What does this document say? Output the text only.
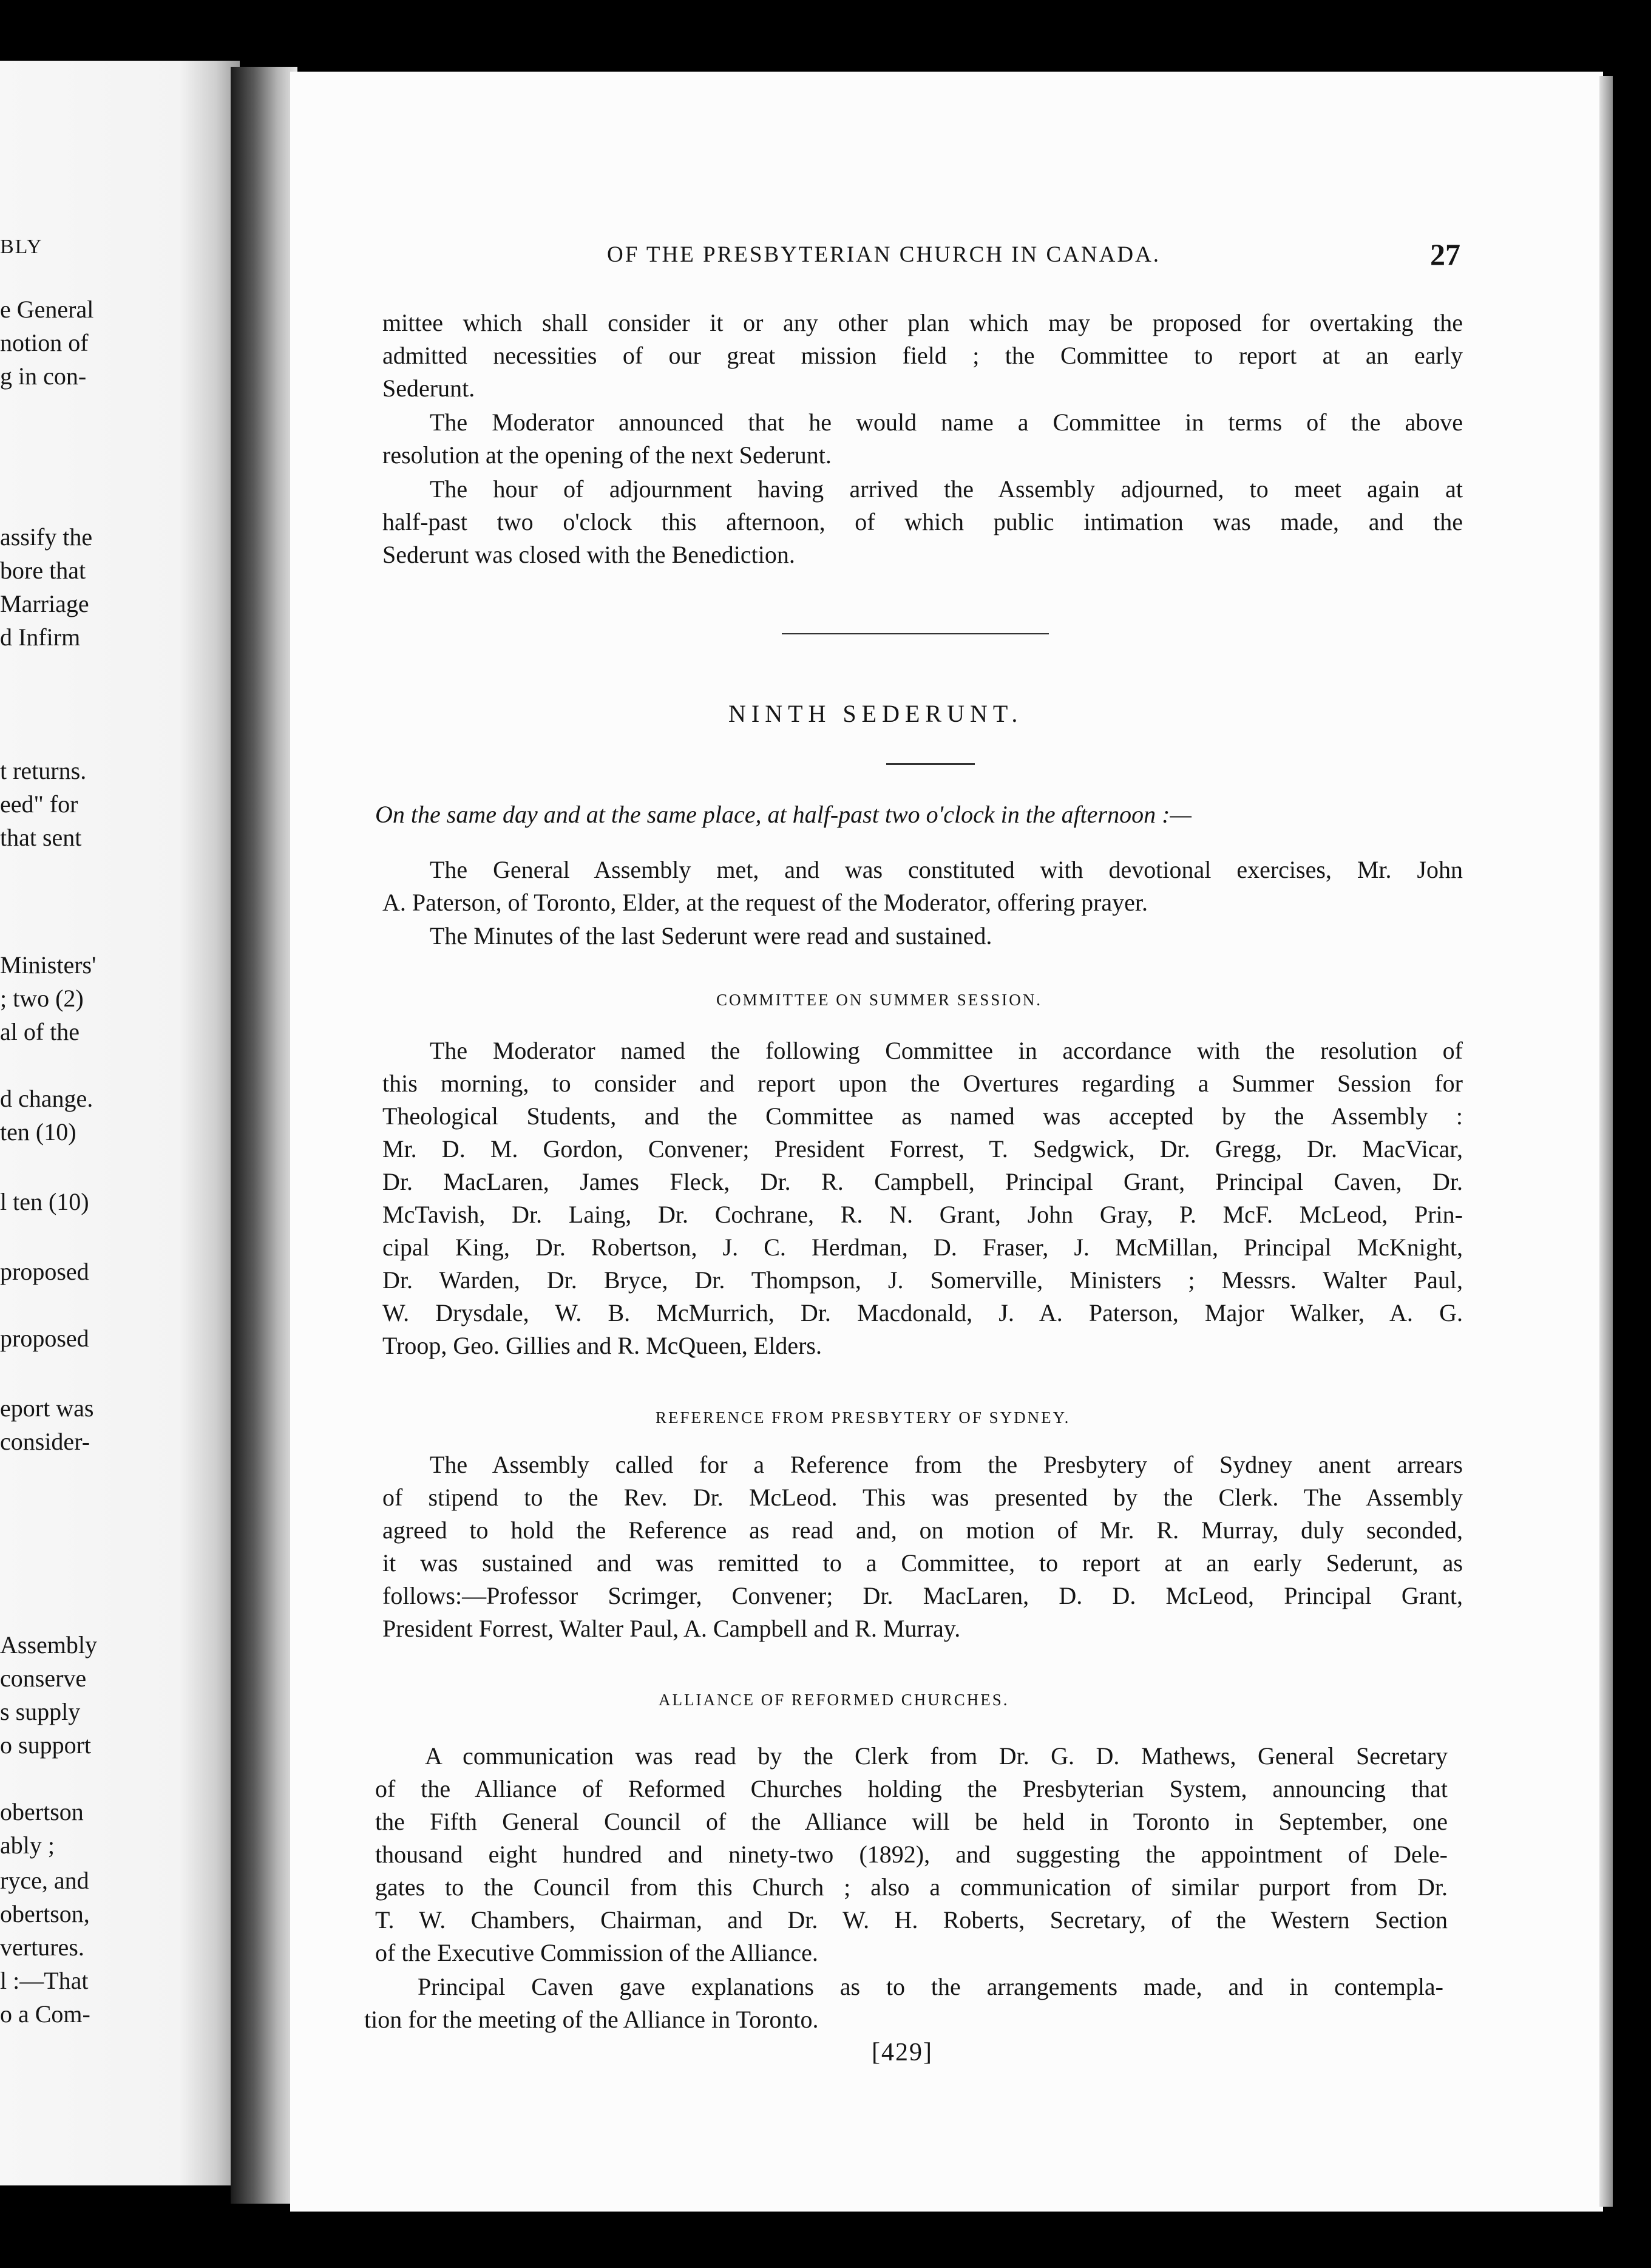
BLY
e General
notion of
g in con-
assify the
bore that
Marriage
d Infirm
t returns.
eed" for
that sent
Ministers'
; two (2)
al of the
d change.
ten (10)
l ten (10)
proposed
proposed
eport was
consider-
Assembly
conserve
s supply
o support
obertson
ably ;
ryce, and
obertson,
vertures.
l :—That
o a Com-
OF THE PRESBYTERIAN CHURCH IN CANADA.	27
mittee which shall consider it or any other plan which may be proposed for overtaking the
admitted necessities of our great mission field ; the Committee to report at an early
Sederunt.
The Moderator announced that he would name a Committee in terms of the above
resolution at the opening of the next Sederunt.
The hour of adjournment having arrived the Assembly adjourned, to meet again at
half-past two o'clock this afternoon, of which public intimation was made, and the
Sederunt was closed with the Benediction.
NINTH SEDERUNT.
On the same day and at the same place, at half-past two o'clock in the afternoon :—
The General Assembly met, and was constituted with devotional exercises, Mr. John
A. Paterson, of Toronto, Elder, at the request of the Moderator, offering prayer.
The Minutes of the last Sederunt were read and sustained.
COMMITTEE ON SUMMER SESSION.
The Moderator named the following Committee in accordance with the resolution of
this morning, to consider and report upon the Overtures regarding a Summer Session for
Theological Students, and the Committee as named was accepted by the Assembly :
Mr. D. M. Gordon, Convener; President Forrest, T. Sedgwick, Dr. Gregg, Dr. MacVicar,
Dr. MacLaren, James Fleck, Dr. R. Campbell, Principal Grant, Principal Caven, Dr.
McTavish, Dr. Laing, Dr. Cochrane, R. N. Grant, John Gray, P. McF. McLeod, Prin-
cipal King, Dr. Robertson, J. C. Herdman, D. Fraser, J. McMillan, Principal McKnight,
Dr. Warden, Dr. Bryce, Dr. Thompson, J. Somerville, Ministers ; Messrs. Walter Paul,
W. Drysdale, W. B. McMurrich, Dr. Macdonald, J. A. Paterson, Major Walker, A. G.
Troop, Geo. Gillies and R. McQueen, Elders.
REFERENCE FROM PRESBYTERY OF SYDNEY.
The Assembly called for a Reference from the Presbytery of Sydney anent arrears
of stipend to the Rev. Dr. McLeod. This was presented by the Clerk. The Assembly
agreed to hold the Reference as read and, on motion of Mr. R. Murray, duly seconded,
it was sustained and was remitted to a Committee, to report at an early Sederunt, as
follows:—Professor Scrimger, Convener; Dr. MacLaren, D. D. McLeod, Principal Grant,
President Forrest, Walter Paul, A. Campbell and R. Murray.
ALLIANCE OF REFORMED CHURCHES.
A communication was read by the Clerk from Dr. G. D. Mathews, General Secretary
of the Alliance of Reformed Churches holding the Presbyterian System, announcing that
the Fifth General Council of the Alliance will be held in Toronto in September, one
thousand eight hundred and ninety-two (1892), and suggesting the appointment of Dele-
gates to the Council from this Church ; also a communication of similar purport from Dr.
T. W. Chambers, Chairman, and Dr. W. H. Roberts, Secretary, of the Western Section
of the Executive Commission of the Alliance.
Principal Caven gave explanations as to the arrangements made, and in contempla-
tion for the meeting of the Alliance in Toronto.
[429]
